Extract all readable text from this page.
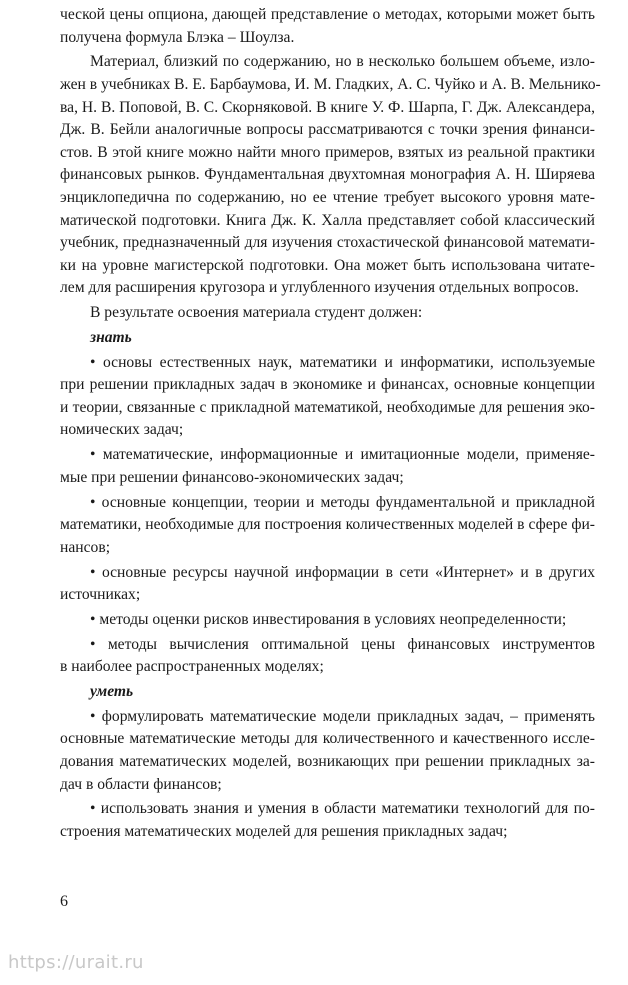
ческой цены опциона, дающей представление о методах, которыми может быть
получена формула Блэка – Шоулза.
Материал, близкий по содержанию, но в несколько большем объеме, изло-
жен в учебниках В. Е. Барбаумова, И. М. Гладких, А. С. Чуйко и А. В. Мельнико-
ва, Н. В. Поповой, В. С. Скорняковой. В книге У. Ф. Шарпа, Г. Дж. Александера,
Дж. В. Бейли аналогичные вопросы рассматриваются с точки зрения финанси-
стов. В этой книге можно найти много примеров, взятых из реальной практики
финансовых рынков. Фундаментальная двухтомная монография А. Н. Ширяева
энциклопедична по содержанию, но ее чтение требует высокого уровня мате-
матической подготовки. Книга Дж. К. Халла представляет собой классический
учебник, предназначенный для изучения стохастической финансовой математи-
ки на уровне магистерской подготовки. Она может быть использована читате-
лем для расширения кругозора и углубленного изучения отдельных вопросов.
В результате освоения материала студент должен:
знать
• основы естественных наук, математики и информатики, используемые
при решении прикладных задач в экономике и финансах, основные концепции
и теории, связанные с прикладной математикой, необходимые для решения эко-
номических задач;
• математические, информационные и имитационные модели, применяе-
мые при решении финансово-экономических задач;
• основные концепции, теории и методы фундаментальной и прикладной
математики, необходимые для построения количественных моделей в сфере фи-
нансов;
• основные ресурсы научной информации в сети «Интернет» и в других
источниках;
• методы оценки рисков инвестирования в условиях неопределенности;
• методы вычисления оптимальной цены финансовых инструментов
в наиболее распространенных моделях;
уметь
• формулировать математические модели прикладных задач, – применять
основные математические методы для количественного и качественного иссле-
дования математических моделей, возникающих при решении прикладных за-
дач в области финансов;
• использовать знания и умения в области математики технологий для по-
строения математических моделей для решения прикладных задач;
6
https://urait.ru
